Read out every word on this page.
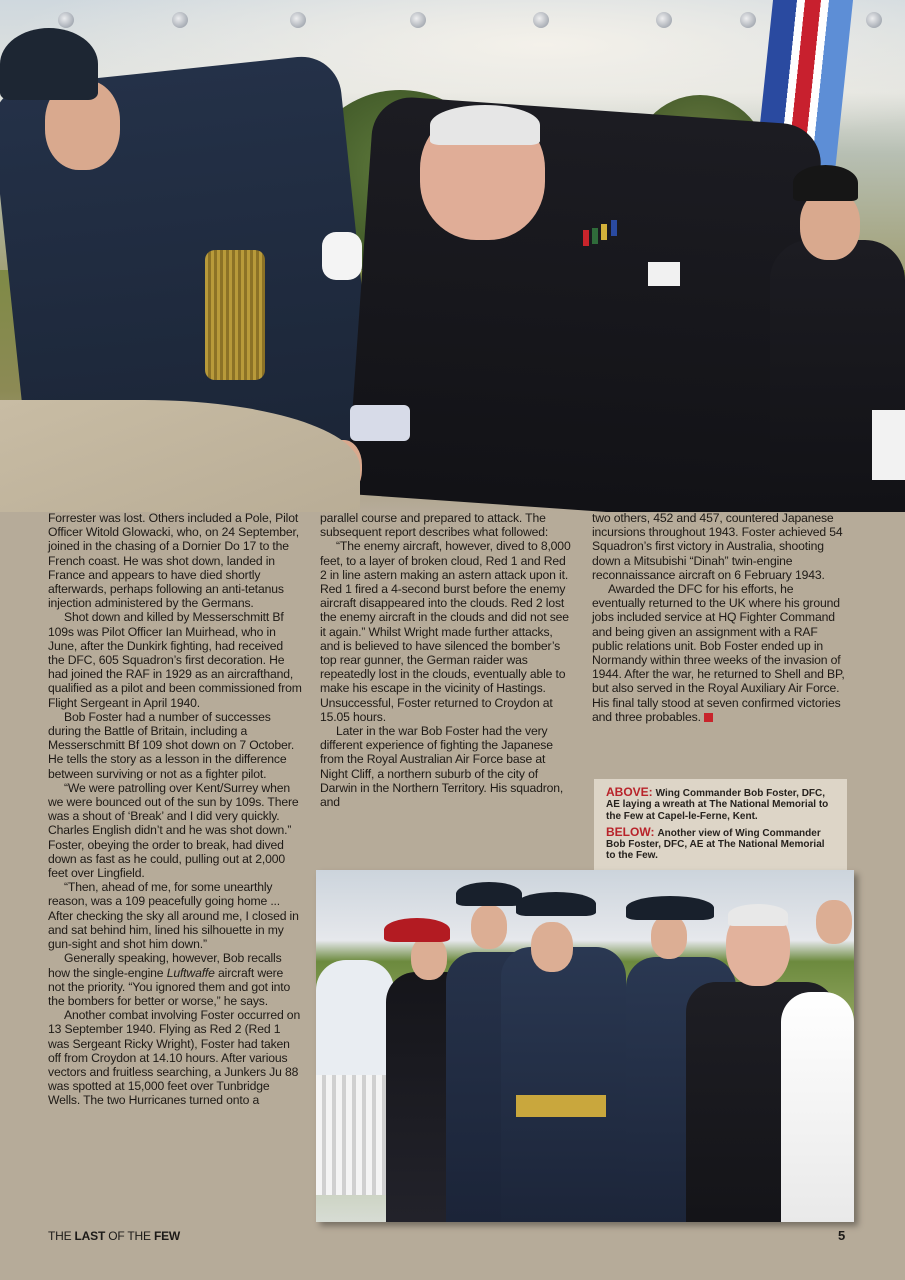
Forrester was lost. Others included a Pole, Pilot Officer Witold Glowacki, who, on 24 September, joined in the chasing of a Dornier Do 17 to the French coast. He was shot down, landed in France and appears to have died shortly afterwards, perhaps following an anti-tetanus injection administered by the Germans.

Shot down and killed by Messerschmitt Bf 109s was Pilot Officer Ian Muirhead, who in June, after the Dunkirk fighting, had received the DFC, 605 Squadron’s first decoration. He had joined the RAF in 1929 as an aircrafthand, qualified as a pilot and been commissioned from Flight Sergeant in April 1940.

Bob Foster had a number of successes during the Battle of Britain, including a Messerschmitt Bf 109 shot down on 7 October. He tells the story as a lesson in the difference between surviving or not as a fighter pilot.

“We were patrolling over Kent/Surrey when we were bounced out of the sun by 109s. There was a shout of ‘Break’ and I did very quickly. Charles English didn’t and he was shot down.” Foster, obeying the order to break, had dived down as fast as he could, pulling out at 2,000 feet over Lingfield.

“Then, ahead of me, for some unearthly reason, was a 109 peacefully going home ... After checking the sky all around me, I closed in and sat behind him, lined his silhouette in my gun-sight and shot him down.”

Generally speaking, however, Bob recalls how the single-engine Luftwaffe aircraft were not the priority. “You ignored them and got into the bombers for better or worse,” he says.

Another combat involving Foster occurred on 13 September 1940. Flying as Red 2 (Red 1 was Sergeant Ricky Wright), Foster had taken off from Croydon at 14.10 hours. After various vectors and fruitless searching, a Junkers Ju 88 was spotted at 15,000 feet over Tunbridge Wells. The two Hurricanes turned onto a

parallel course and prepared to attack. The subsequent report describes what followed:

“The enemy aircraft, however, dived to 8,000 feet, to a layer of broken cloud, Red 1 and Red 2 in line astern making an astern attack upon it. Red 1 fired a 4-second burst before the enemy aircraft disappeared into the clouds. Red 2 lost the enemy aircraft in the clouds and did not see it again.” Whilst Wright made further attacks, and is believed to have silenced the bomber’s top rear gunner, the German raider was repeatedly lost in the clouds, eventually able to make his escape in the vicinity of Hastings. Unsuccessful, Foster returned to Croydon at 15.05 hours.

Later in the war Bob Foster had the very different experience of fighting the Japanese from the Royal Australian Air Force base at Night Cliff, a northern suburb of the city of Darwin in the Northern Territory. His squadron, and

two others, 452 and 457, countered Japanese incursions throughout 1943. Foster achieved 54 Squadron’s first victory in Australia, shooting down a Mitsubishi “Dinah” twin-engine reconnaissance aircraft on 6 February 1943.

Awarded the DFC for his efforts, he eventually returned to the UK where his ground jobs included service at HQ Fighter Command and being given an assignment with a RAF public relations unit. Bob Foster ended up in Normandy within three weeks of the invasion of 1944. After the war, he returned to Shell and BP, but also served in the Royal Auxiliary Air Force. His final tally stood at seven confirmed victories and three probables.

ABOVE: Wing Commander Bob Foster, DFC, AE laying a wreath at The National Memorial to the Few at Capel-le-Ferne, Kent.

BELOW: Another view of Wing Commander Bob Foster, DFC, AE at The National Memorial to the Few.

THE LAST OF THE FEW	5
